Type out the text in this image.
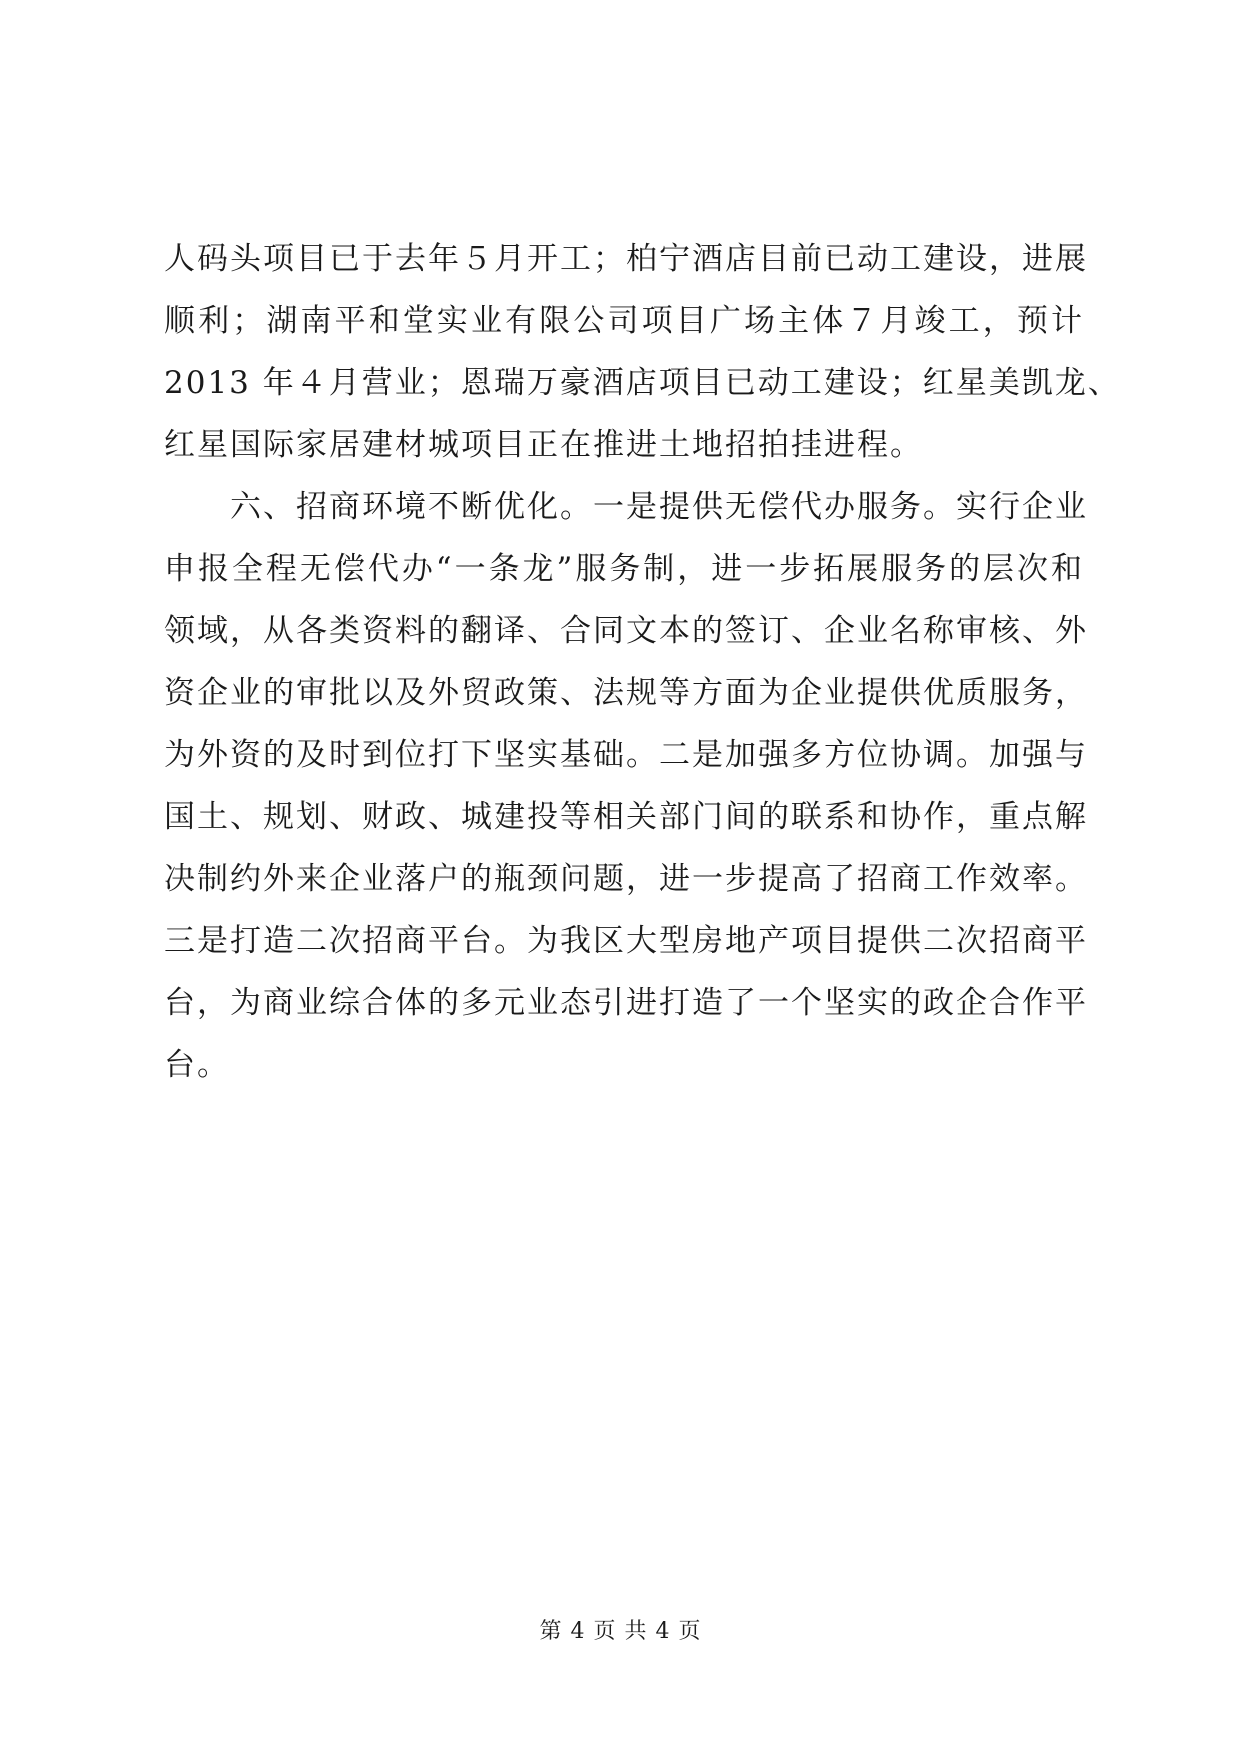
人码头项目已于去年５月开工；柏宁酒店目前已动工建设，进展
顺利；湖南平和堂实业有限公司项目广场主体７月竣工，预计
2013 年４月营业；恩瑞万豪酒店项目已动工建设；红星美凯龙、
红星国际家居建材城项目正在推进土地招拍挂进程。
六、招商环境不断优化。一是提供无偿代办服务。实行企业
申报全程无偿代办“一条龙”服务制，进一步拓展服务的层次和
领域，从各类资料的翻译、合同文本的签订、企业名称审核、外
资企业的审批以及外贸政策、法规等方面为企业提供优质服务，
为外资的及时到位打下坚实基础。二是加强多方位协调。加强与
国土、规划、财政、城建投等相关部门间的联系和协作，重点解
决制约外来企业落户的瓶颈问题，进一步提高了招商工作效率。
三是打造二次招商平台。为我区大型房地产项目提供二次招商平
台，为商业综合体的多元业态引进打造了一个坚实的政企合作平
台。
第 4 页 共 4 页
